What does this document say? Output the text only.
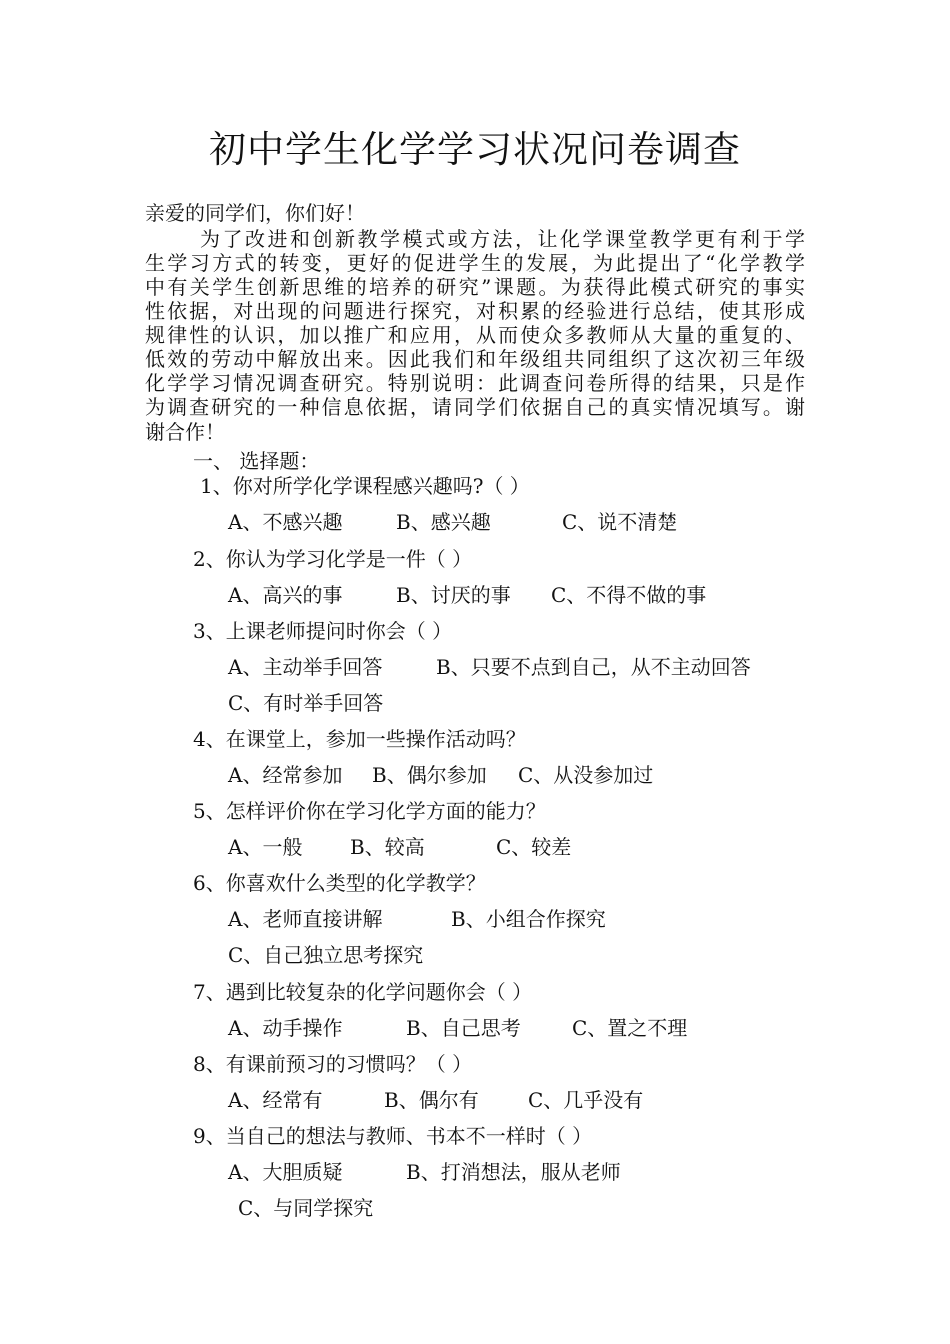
初中学生化学学习状况问卷调查
亲爱的同学们，你们好！
为了改进和创新教学模式或方法，让化学课堂教学更有利于学
生学习方式的转变，更好的促进学生的发展，为此提出了“化学教学
中有关学生创新思维的培养的研究”课题。为获得此模式研究的事实
性依据，对出现的问题进行探究，对积累的经验进行总结，使其形成
规律性的认识，加以推广和应用，从而使众多教师从大量的重复的、
低效的劳动中解放出来。因此我们和年级组共同组织了这次初三年级
化学学习情况调查研究。特别说明：此调查问卷所得的结果，只是作
为调查研究的一种信息依据，请同学们依据自己的真实情况填写。谢
谢合作！
一、 选择题：
1、你对所学化学课程感兴趣吗?（ ）
A、不感兴趣	B、感兴趣	C、说不清楚
2、你认为学习化学是一件（ ）
A、高兴的事	B、讨厌的事 C、不得不做的事
3、上课老师提问时你会（ ）
A、主动举手回答	B、只要不点到自己，从不主动回答
C、有时举手回答
4、在课堂上，参加一些操作活动吗？
A、经常参加 B、偶尔参加 C、从没参加过
5、怎样评价你在学习化学方面的能力？
A、一般 B、较高	C、较差
6、你喜欢什么类型的化学教学？
A、老师直接讲解	B、小组合作探究
C、自己独立思考探究
7、遇到比较复杂的化学问题你会（ ）
A、动手操作	B、自己思考	C、置之不理
8、有课前预习的习惯吗？（ ）
A、经常有	B、偶尔有 C、几乎没有
9、当自己的想法与教师、书本不一样时（ ）
A、大胆质疑	B、打消想法，服从老师
C、与同学探究
